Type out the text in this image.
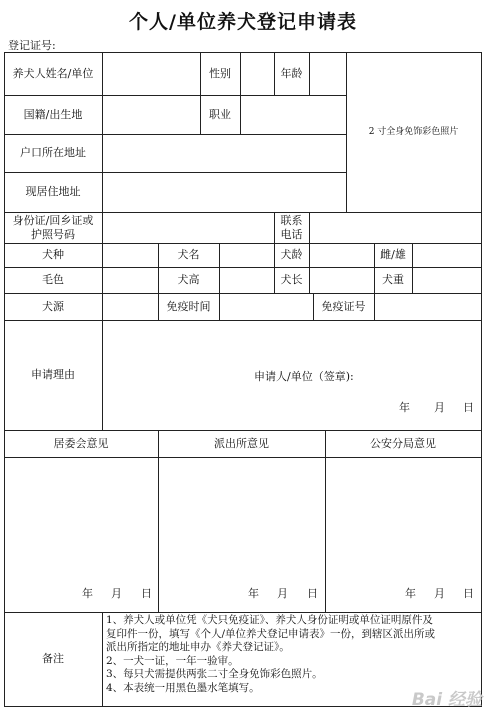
个人/单位养犬登记申请表
登记证号:
养犬人姓名/单位	性别	年龄
2 寸全身免饰彩色照片
国籍/出生地	职业
户口所在地址
现居住地址
身份证/回乡证或
护照号码
联系
电话
犬种	犬名	犬龄	雌/雄
毛色	犬高	犬长	犬重
犬源	免疫时间	免疫证号
申请理由	申请人/单位（签章):
年 月 日
居委会意见	派出所意见	公安分局意见
年 月 日	年 月 日	年 月 日
备注
1、养犬人或单位凭《犬只免疫证》、养犬人身份证明或单位证明原件及
复印件一份，填写《个人/单位养犬登记申请表》一份，到辖区派出所或
派出所指定的地址申办《养犬登记证》。
2、一犬一证，一年一验审。
3、每只犬需提供两张二寸全身免饰彩色照片。
4、本表统一用黑色墨水笔填写。
Bai 经验
